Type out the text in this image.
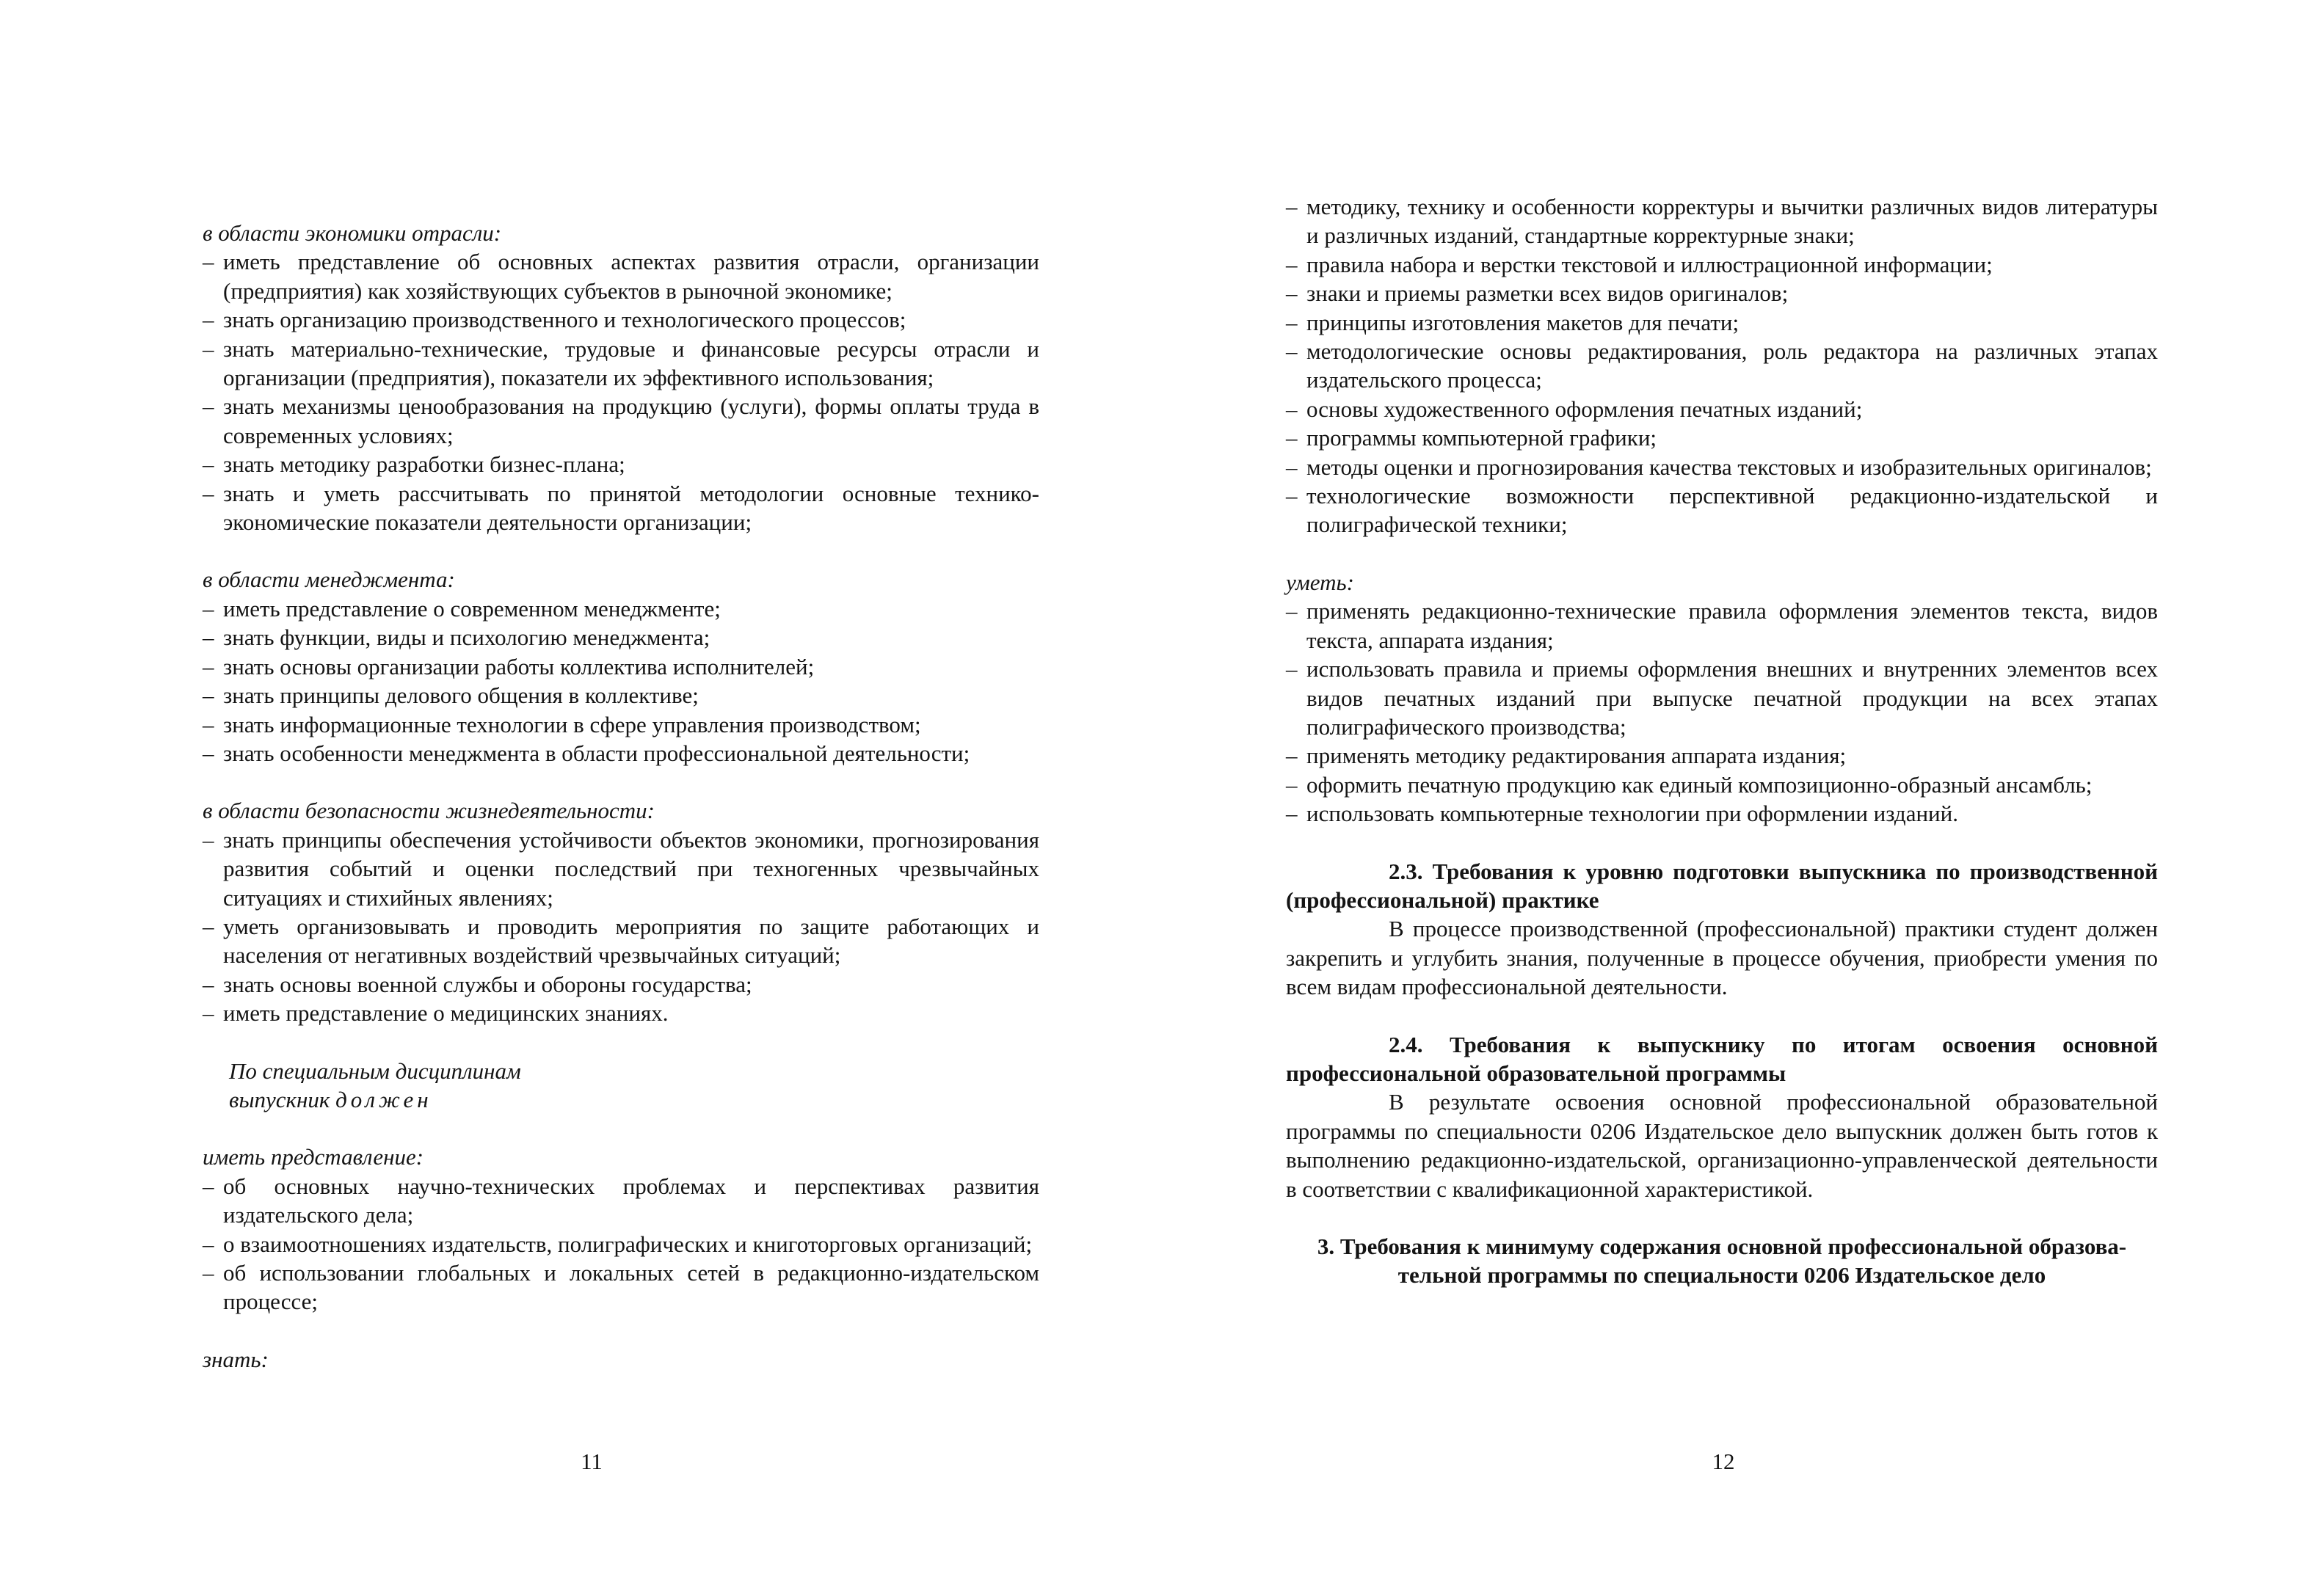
в области экономики отрасли:
– иметь представление об основных аспектах развития отрасли, организации (предприятия) как хозяйствующих субъектов в рыночной экономике;
– знать организацию производственного и технологического процессов;
– знать материально-технические, трудовые и финансовые ресурсы отрасли и организации (предприятия), показатели их эффективного использования;
– знать механизмы ценообразования на продукцию (услуги), формы оплаты труда в современных условиях;
– знать методику разработки бизнес-плана;
– знать и уметь рассчитывать по принятой методологии основные технико-экономические показатели деятельности организации;
в области менеджмента:
– иметь представление о современном менеджменте;
– знать функции, виды и психологию менеджмента;
– знать основы организации работы коллектива исполнителей;
– знать принципы делового общения в коллективе;
– знать информационные технологии в сфере управления производством;
– знать особенности менеджмента в области профессиональной деятельности;
в области безопасности жизнедеятельности:
– знать принципы обеспечения устойчивости объектов экономики, прогнозирования развития событий и оценки последствий при техногенных чрезвычайных ситуациях и стихийных явлениях;
– уметь организовывать и проводить мероприятия по защите работающих и населения от негативных воздействий чрезвычайных ситуаций;
– знать основы военной службы и обороны государства;
– иметь представление о медицинских знаниях.
По специальным дисциплинам
выпускник должен
иметь представление:
– об основных научно-технических проблемах и перспективах развития издательского дела;
– о взаимоотношениях издательств, полиграфических и книготорговых организаций;
– об использовании глобальных и локальных сетей в редакционно-издательском процессе;
знать:
11
– методику, технику и особенности корректуры и вычитки различных видов литературы и различных изданий, стандартные корректурные знаки;
– правила набора и верстки текстовой и иллюстрационной информации;
– знаки и приемы разметки всех видов оригиналов;
– принципы изготовления макетов для печати;
– методологические основы редактирования, роль редактора на различных этапах издательского процесса;
– основы художественного оформления печатных изданий;
– программы компьютерной графики;
– методы оценки и прогнозирования качества текстовых и изобразительных оригиналов;
– технологические возможности перспективной редакционно-издательской и полиграфической техники;
уметь:
– применять редакционно-технические правила оформления элементов текста, видов текста, аппарата издания;
– использовать правила и приемы оформления внешних и внутренних элементов всех видов печатных изданий при выпуске печатной продукции на всех этапах полиграфического производства;
– применять методику редактирования аппарата издания;
– оформить печатную продукцию как единый композиционно-образный ансамбль;
– использовать компьютерные технологии при оформлении изданий.
2.3. Требования к уровню подготовки выпускника по производственной (профессиональной) практике
В процессе производственной (профессиональной) практики студент должен закрепить и углубить знания, полученные в процессе обучения, приобрести умения по всем видам профессиональной деятельности.
2.4. Требования к выпускнику по итогам освоения основной профессиональной образовательной программы
В результате освоения основной профессиональной образовательной программы по специальности 0206 Издательское дело выпускник должен быть готов к выполнению редакционно-издательской, организационно-управленческой деятельности в соответствии с квалификационной характеристикой.
3. Требования к минимуму содержания основной профессиональной образова-
тельной программы по специальности 0206 Издательское дело
12
